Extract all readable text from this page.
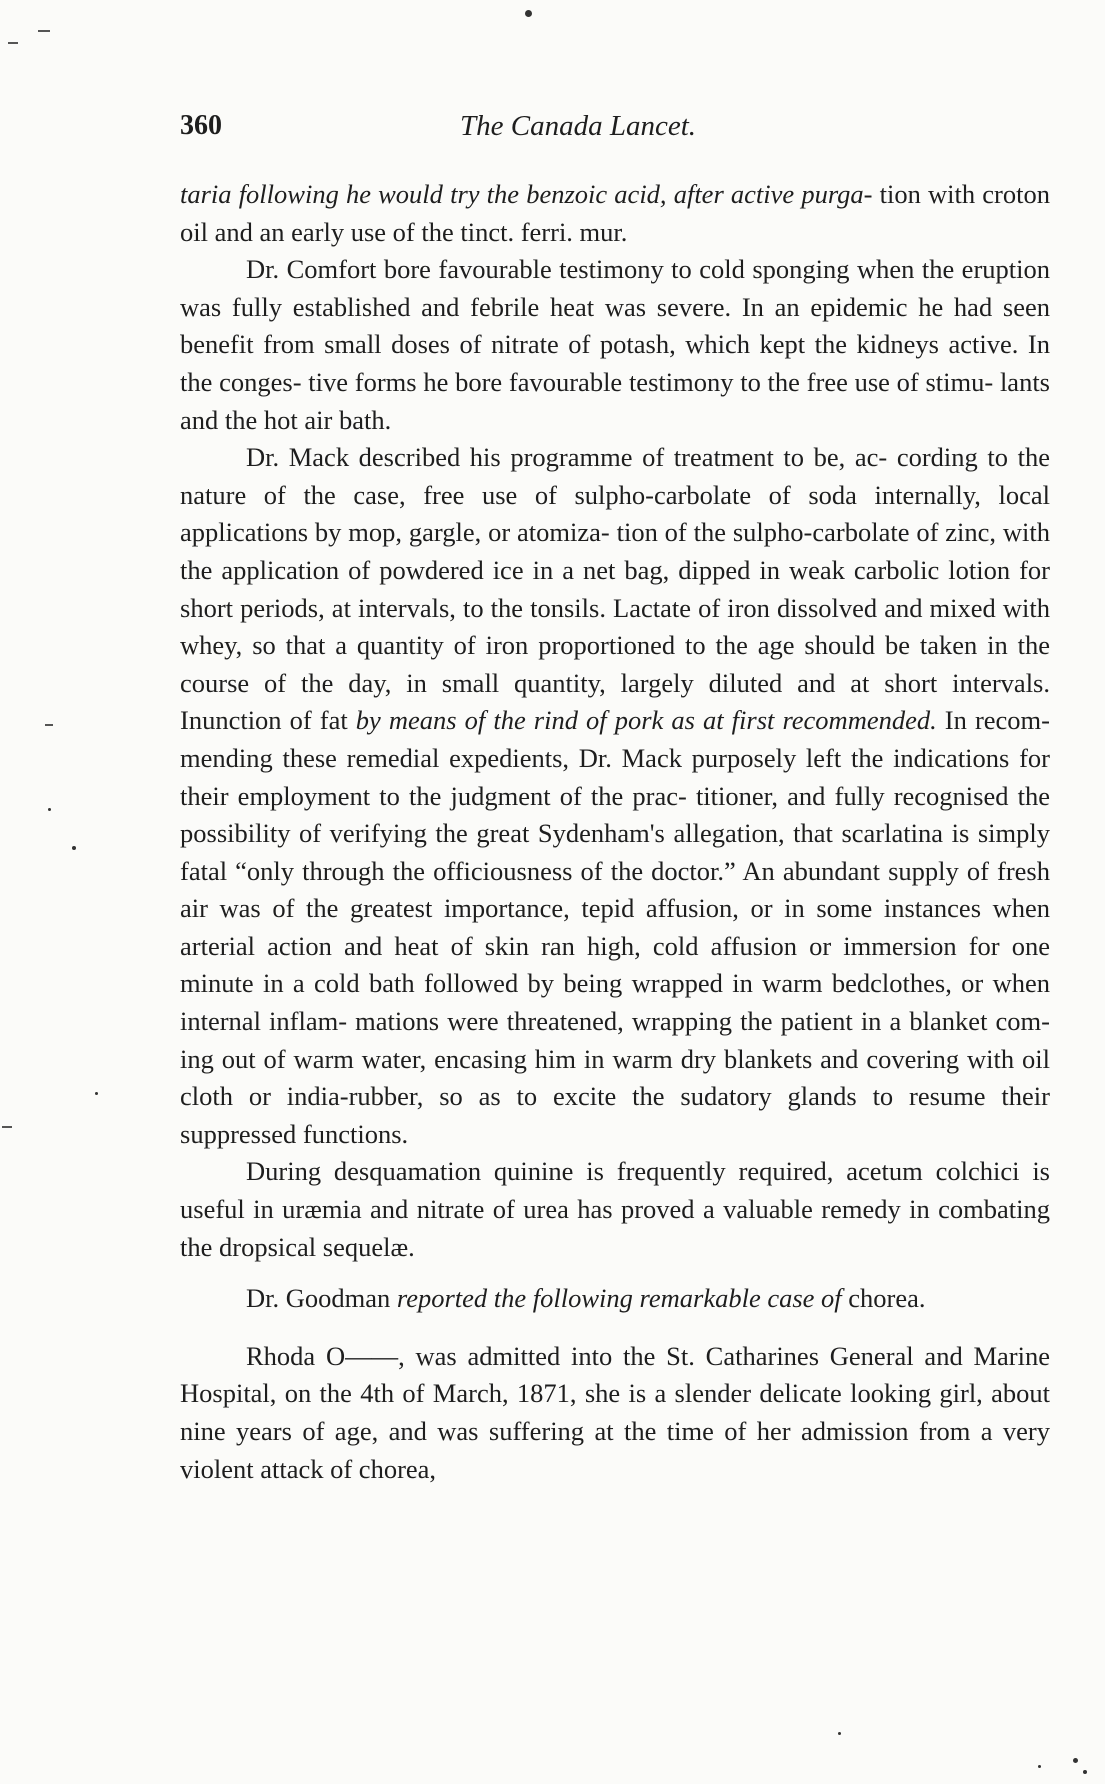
360	The Canada Lancet.

taria following he would try the benzoic acid, after active purga- tion with croton oil and an early use of the tinct. ferri. mur.

Dr. Comfort bore favourable testimony to cold sponging when the eruption was fully established and febrile heat was severe. In an epidemic he had seen benefit from small doses of nitrate of potash, which kept the kidneys active. In the conges- tive forms he bore favourable testimony to the free use of stimu- lants and the hot air bath.

Dr. Mack described his programme of treatment to be, ac- cording to the nature of the case, free use of sulpho-carbolate of soda internally, local applications by mop, gargle, or atomiza- tion of the sulpho-carbolate of zinc, with the application of powdered ice in a net bag, dipped in weak carbolic lotion for short periods, at intervals, to the tonsils. Lactate of iron dissolved and mixed with whey, so that a quantity of iron proportioned to the age should be taken in the course of the day, in small quantity, largely diluted and at short intervals. Inunction of fat by means of the rind of pork as at first recommended. In recom- mending these remedial expedients, Dr. Mack purposely left the indications for their employment to the judgment of the prac- titioner, and fully recognised the possibility of verifying the great Sydenham's allegation, that scarlatina is simply fatal “only through the officiousness of the doctor.” An abundant supply of fresh air was of the greatest importance, tepid affusion, or in some instances when arterial action and heat of skin ran high, cold affusion or immersion for one minute in a cold bath followed by being wrapped in warm bedclothes, or when internal inflam- mations were threatened, wrapping the patient in a blanket com- ing out of warm water, encasing him in warm dry blankets and covering with oil cloth or india-rubber, so as to excite the sudatory glands to resume their suppressed functions.

During desquamation quinine is frequently required, acetum colchici is useful in uræmia and nitrate of urea has proved a valuable remedy in combating the dropsical sequelæ.

Dr. Goodman reported the following remarkable case of chorea.

Rhoda O——, was admitted into the St. Catharines General and Marine Hospital, on the 4th of March, 1871, she is a slender delicate looking girl, about nine years of age, and was suffering at the time of her admission from a very violent attack of chorea,
